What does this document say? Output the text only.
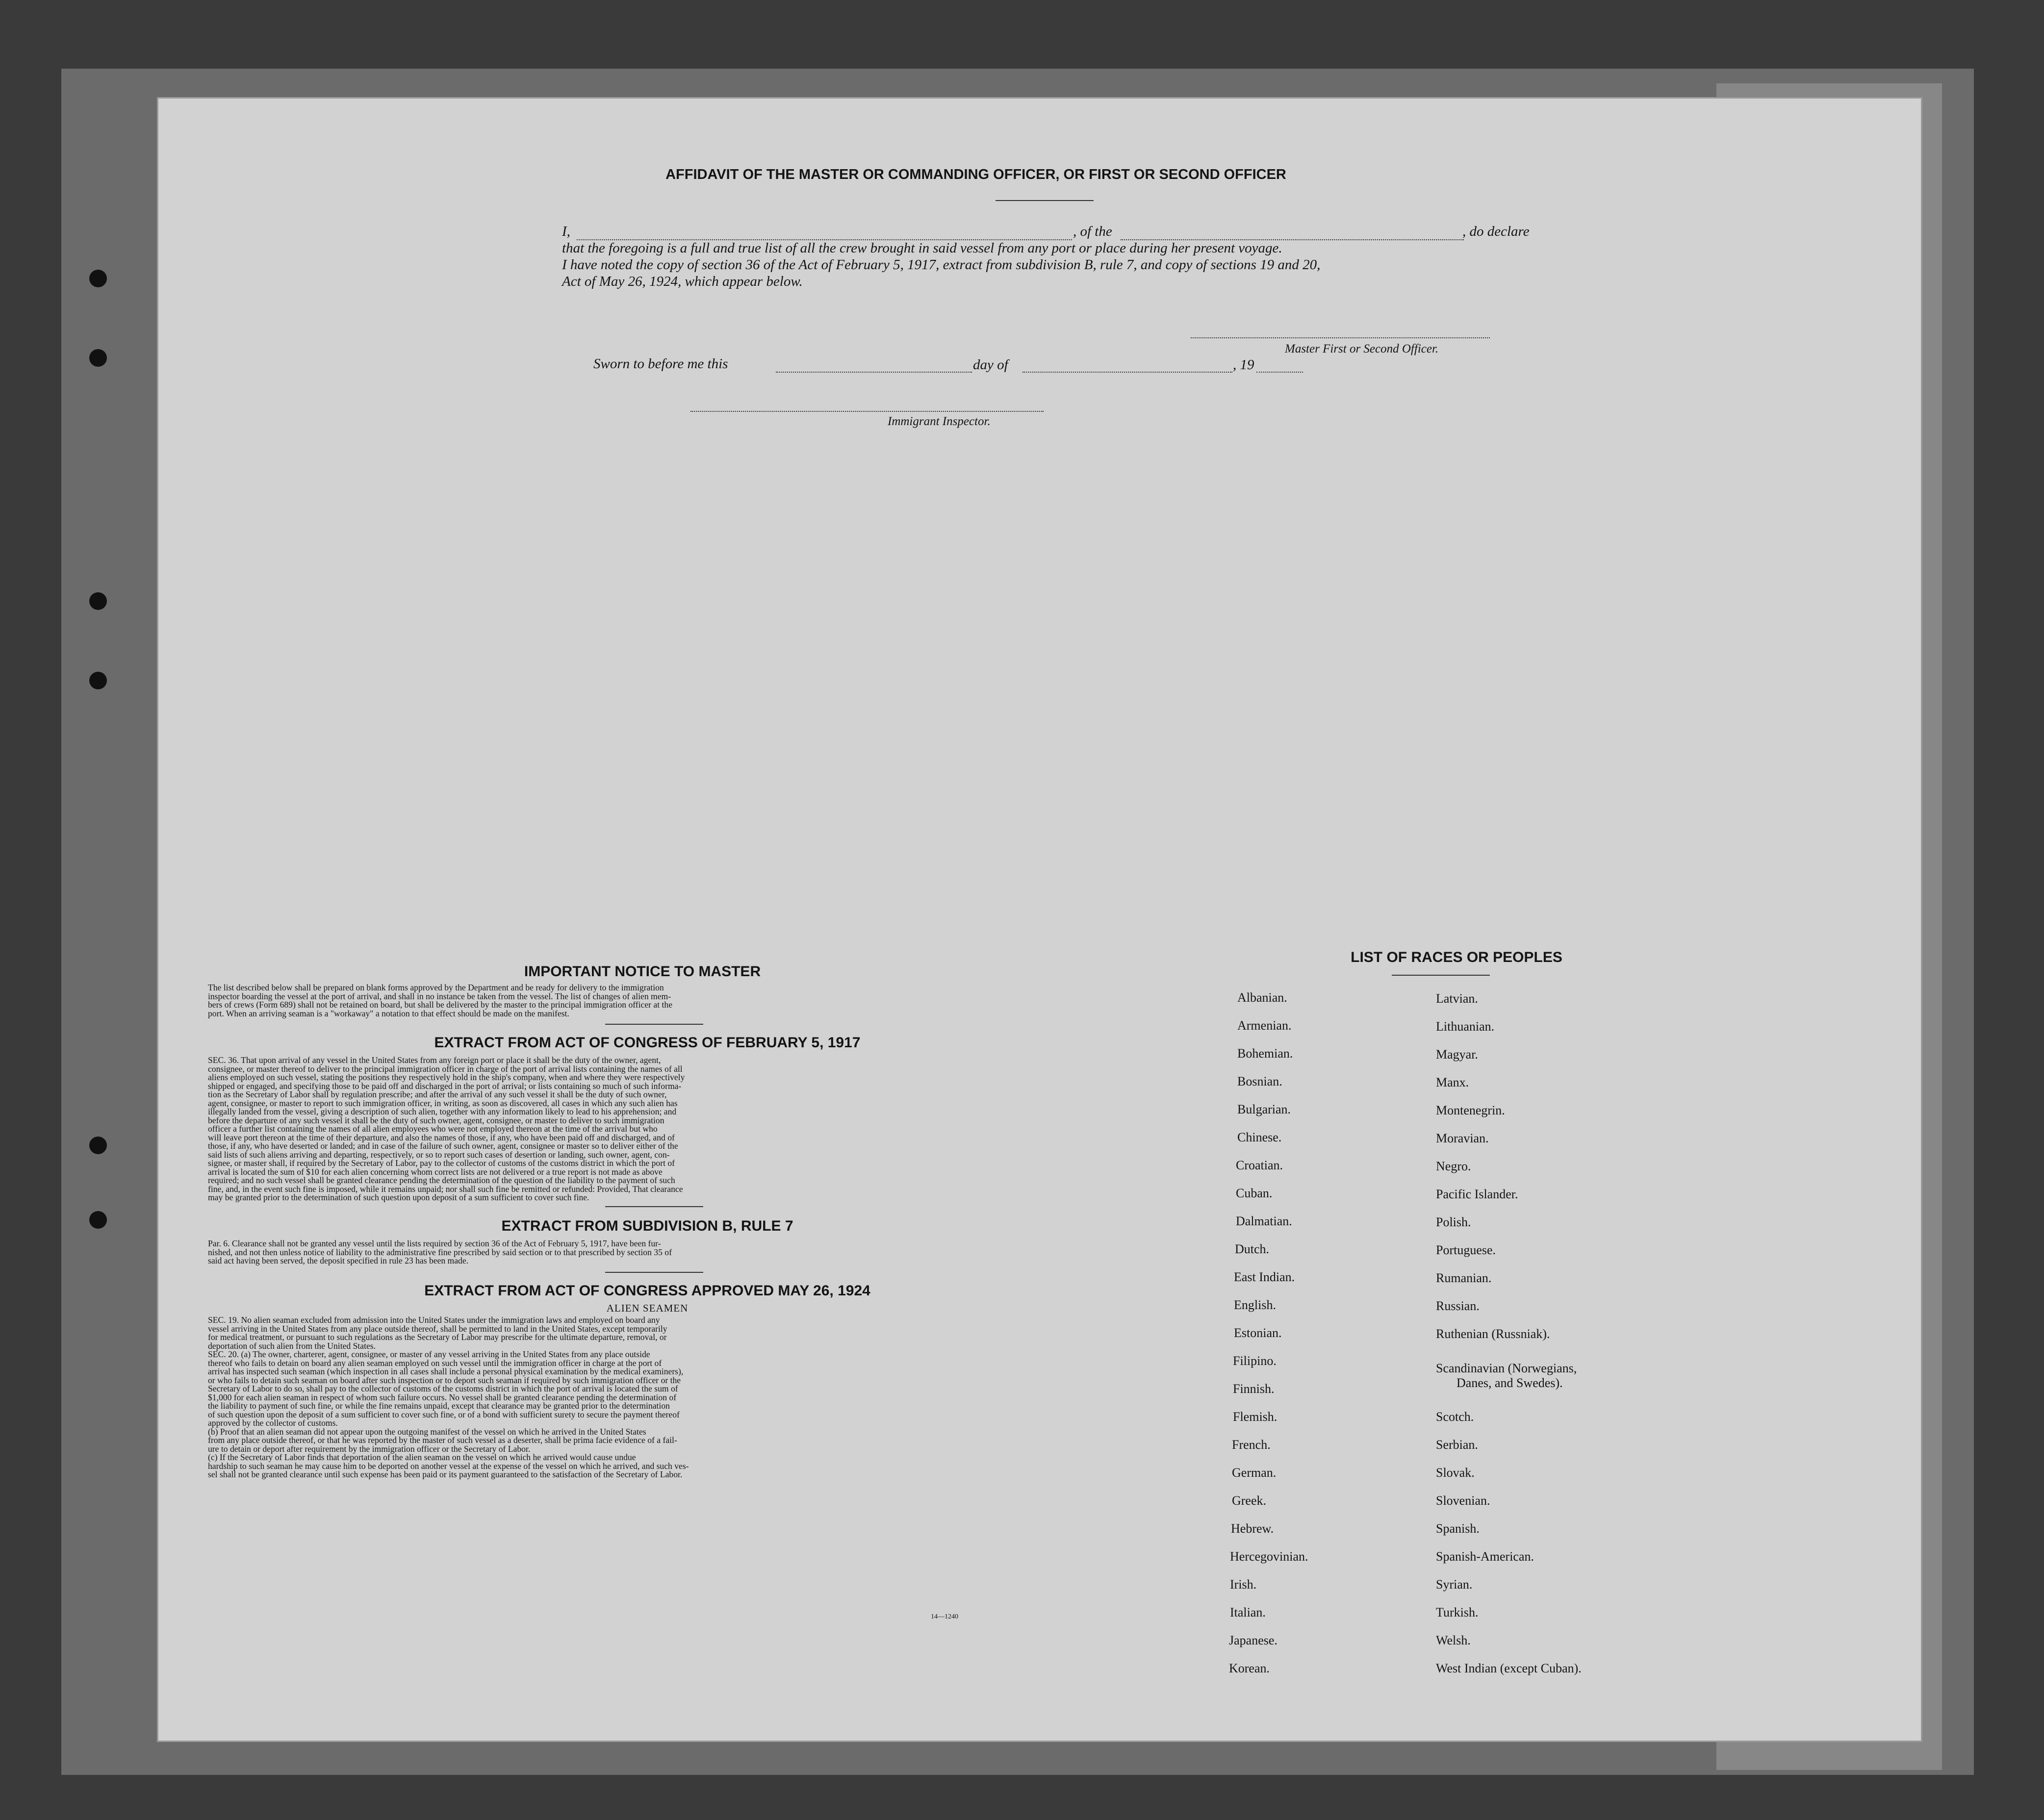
AFFIDAVIT OF THE MASTER OR COMMANDING OFFICER, OR FIRST OR SECOND OFFICER
I,	, of the	, do declare
that the foregoing is a full and true list of all the crew brought in said vessel from any port or place during her present voyage.
I have noted the copy of section 36 of the Act of February 5, 1917, extract from subdivision B, rule 7, and copy of sections 19 and 20,
Act of May 26, 1924, which appear below.
Master First or Second Officer.
Sworn to before me this	day of	, 19
Immigrant Inspector.
IMPORTANT NOTICE TO MASTER

The list described below shall be prepared on blank forms approved by the Department and be ready for delivery to the immigration

inspector boarding the vessel at the port of arrival, and shall in no instance be taken from the vessel. The list of changes of alien mem-

bers of crews (Form 689) shall not be retained on board, but shall be delivered by the master to the principal immigration officer at the

port. When an arriving seaman is a "workaway" a notation to that effect should be made on the manifest.

EXTRACT FROM ACT OF CONGRESS OF FEBRUARY 5, 1917

SEC. 36. That upon arrival of any vessel in the United States from any foreign port or place it shall be the duty of the owner, agent,

consignee, or master thereof to deliver to the principal immigration officer in charge of the port of arrival lists containing the names of all

aliens employed on such vessel, stating the positions they respectively hold in the ship's company, when and where they were respectively

shipped or engaged, and specifying those to be paid off and discharged in the port of arrival; or lists containing so much of such informa-

tion as the Secretary of Labor shall by regulation prescribe; and after the arrival of any such vessel it shall be the duty of such owner,

agent, consignee, or master to report to such immigration officer, in writing, as soon as discovered, all cases in which any such alien has

illegally landed from the vessel, giving a description of such alien, together with any information likely to lead to his apprehension; and

before the departure of any such vessel it shall be the duty of such owner, agent, consignee, or master to deliver to such immigration

officer a further list containing the names of all alien employees who were not employed thereon at the time of the arrival but who

will leave port thereon at the time of their departure, and also the names of those, if any, who have been paid off and discharged, and of

those, if any, who have deserted or landed; and in case of the failure of such owner, agent, consignee or master so to deliver either of the

said lists of such aliens arriving and departing, respectively, or so to report such cases of desertion or landing, such owner, agent, con-

signee, or master shall, if required by the Secretary of Labor, pay to the collector of customs of the customs district in which the port of

arrival is located the sum of $10 for each alien concerning whom correct lists are not delivered or a true report is not made as above

required; and no such vessel shall be granted clearance pending the determination of the question of the liability to the payment of such

fine, and, in the event such fine is imposed, while it remains unpaid; nor shall such fine be remitted or refunded: Provided, That clearance

may be granted prior to the determination of such question upon deposit of a sum sufficient to cover such fine.

EXTRACT FROM SUBDIVISION B, RULE 7

Par. 6. Clearance shall not be granted any vessel until the lists required by section 36 of the Act of February 5, 1917, have been fur-

nished, and not then unless notice of liability to the administrative fine prescribed by said section or to that prescribed by section 35 of

said act having been served, the deposit specified in rule 23 has been made.

EXTRACT FROM ACT OF CONGRESS APPROVED MAY 26, 1924
ALIEN SEAMEN

SEC. 19. No alien seaman excluded from admission into the United States under the immigration laws and employed on board any

vessel arriving in the United States from any place outside thereof, shall be permitted to land in the United States, except temporarily

for medical treatment, or pursuant to such regulations as the Secretary of Labor may prescribe for the ultimate departure, removal, or

deportation of such alien from the United States.

SEC. 20. (a) The owner, charterer, agent, consignee, or master of any vessel arriving in the United States from any place outside

thereof who fails to detain on board any alien seaman employed on such vessel until the immigration officer in charge at the port of

arrival has inspected such seaman (which inspection in all cases shall include a personal physical examination by the medical examiners),

or who fails to detain such seaman on board after such inspection or to deport such seaman if required by such immigration officer or the

Secretary of Labor to do so, shall pay to the collector of customs of the customs district in which the port of arrival is located the sum of

$1,000 for each alien seaman in respect of whom such failure occurs. No vessel shall be granted clearance pending the determination of

the liability to payment of such fine, or while the fine remains unpaid, except that clearance may be granted prior to the determination

of such question upon the deposit of a sum sufficient to cover such fine, or of a bond with sufficient surety to secure the payment thereof

approved by the collector of customs.

(b) Proof that an alien seaman did not appear upon the outgoing manifest of the vessel on which he arrived in the United States

from any place outside thereof, or that he was reported by the master of such vessel as a deserter, shall be prima facie evidence of a fail-

ure to detain or deport after requirement by the immigration officer or the Secretary of Labor.

(c) If the Secretary of Labor finds that deportation of the alien seaman on the vessel on which he arrived would cause undue

hardship to such seaman he may cause him to be deported on another vessel at the expense of the vessel on which he arrived, and such ves-

sel shall not be granted clearance until such expense has been paid or its payment guaranteed to the satisfaction of the Secretary of Labor.

14—1240
LIST OF RACES OR PEOPLES
Albanian.
Armenian.
Bohemian.
Bosnian.
Bulgarian.
Chinese.
Croatian.
Cuban.
Dalmatian.
Dutch.
East Indian.
English.
Estonian.
Filipino.
Finnish.
Flemish.
French.
German.
Greek.
Hebrew.
Hercegovinian.
Irish.
Italian.
Japanese.
Korean.
Latvian.
Lithuanian.
Magyar.
Manx.
Montenegrin.
Moravian.
Negro.
Pacific Islander.
Polish.
Portuguese.
Rumanian.
Russian.
Ruthenian (Russniak).
Scandinavian (Norwegians,
Danes, and Swedes).
Scotch.
Serbian.
Slovak.
Slovenian.
Spanish.
Spanish-American.
Syrian.
Turkish.
Welsh.
West Indian (except Cuban).
